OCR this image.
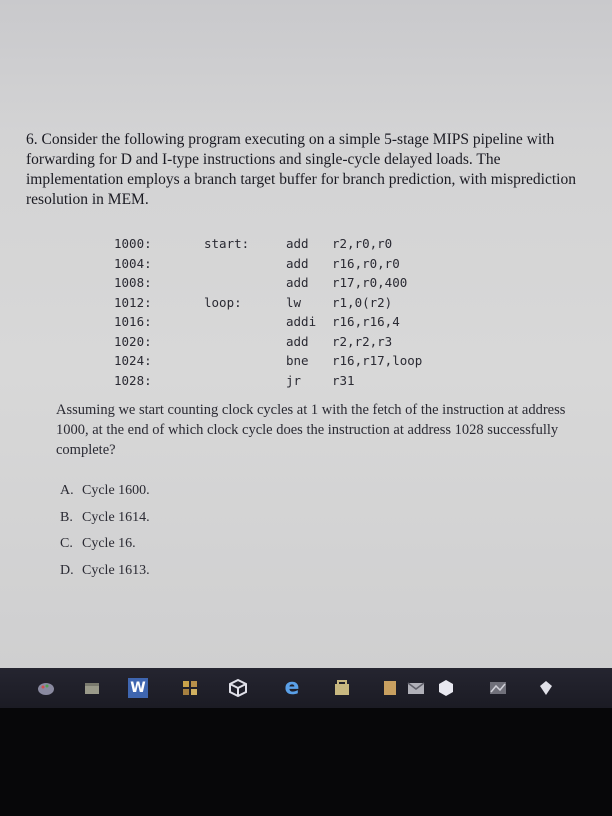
6. Consider the following program executing on a simple 5-stage MIPS pipeline with forwarding for D and I-type instructions and single-cycle delayed loads. The implementation employs a branch target buffer for branch prediction, with misprediction resolution in MEM.
1000:	start:	add r2,r0,r0
1004:	add r16,r0,r0
1008:	add r17,r0,400
1012:	loop:	lw r1,0(r2)
1016:	addi r16,r16,4
1020:	add r2,r2,r3
1024:	bne r16,r17,loop
1028:	jr r31
Assuming we start counting clock cycles at 1 with the fetch of the instruction at address 1000, at the end of which clock cycle does the instruction at address 1028 successfully complete?
A. Cycle 1600.
B. Cycle 1614.
C. Cycle 16.
D. Cycle 1613.
W	e
